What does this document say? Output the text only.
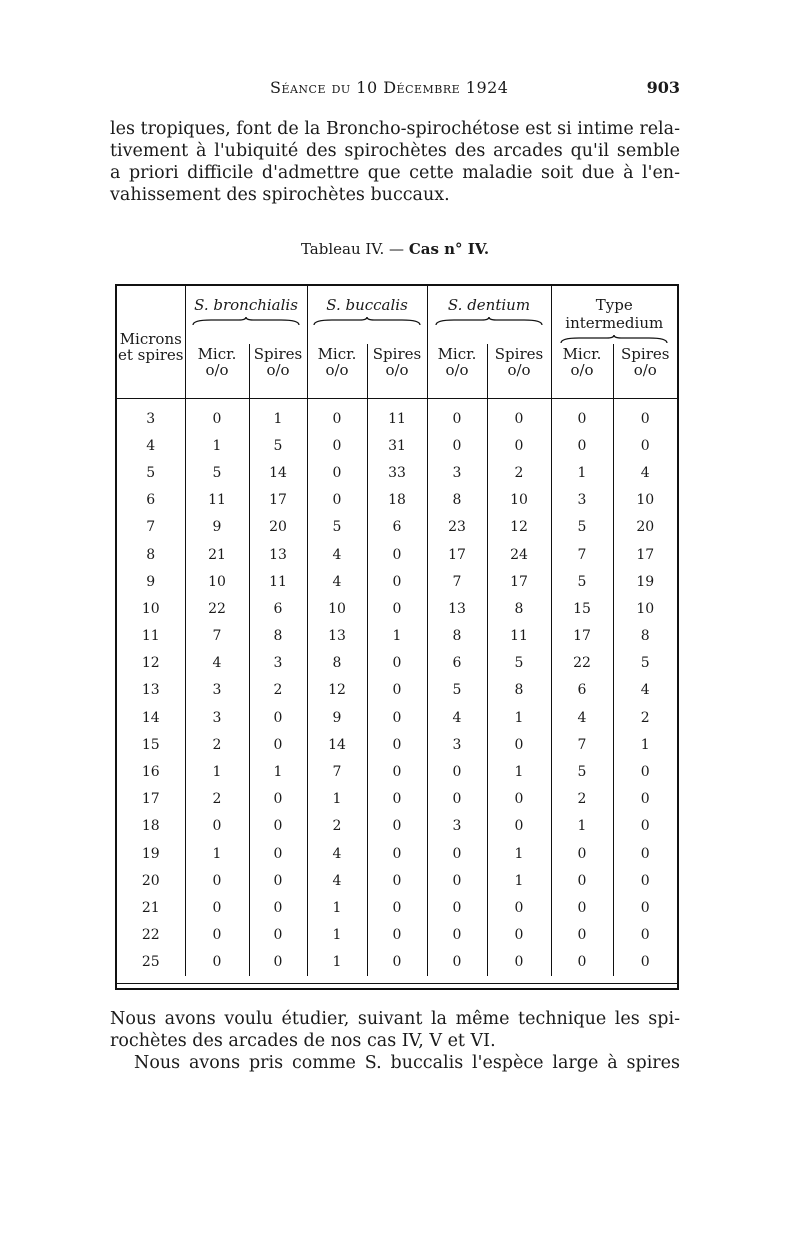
Séance du 10 Décembre 1924	903
les tropiques, font de la Broncho-spirochétose est si intime rela-
tivement à l'ubiquité des spirochètes des arcades qu'il semble
a priori difficile d'admettre que cette maladie soit due à l'en-
vahissement des spirochètes buccaux.
Tableau IV. — Cas n° IV.
Microns et spires	S. bronchialis		S. buccalis		S. dentium		Type intermedium	

	Micr. o/o	Spires o/o	Micr. o/o	Spires o/o	Micr. o/o	Spires o/o	Micr. o/o	Spires o/o

3	0	1	0	11	0	0	0	0
4	1	5	0	31	0	0	0	0
5	5	14	0	33	3	2	1	4
6	11	17	0	18	8	10	3	10
7	9	20	5	6	23	12	5	20
8	21	13	4	0	17	24	7	17
9	10	11	4	0	7	17	5	19
10	22	6	10	0	13	8	15	10
11	7	8	13	1	8	11	17	8
12	4	3	8	0	6	5	22	5
13	3	2	12	0	5	8	6	4
14	3	0	9	0	4	1	4	2
15	2	0	14	0	3	0	7	1
16	1	1	7	0	0	1	5	0
17	2	0	1	0	0	0	2	0
18	0	0	2	0	3	0	1	0
19	1	0	4	0	0	1	0	0
20	0	0	4	0	0	1	0	0
21	0	0	1	0	0	0	0	0
22	0	0	1	0	0	0	0	0
25	0	0	1	0	0	0	0	0
Nous avons voulu étudier, suivant la même technique les spi-
rochètes des arcades de nos cas IV, V et VI.
Nous avons pris comme S. buccalis l'espèce large à spires
